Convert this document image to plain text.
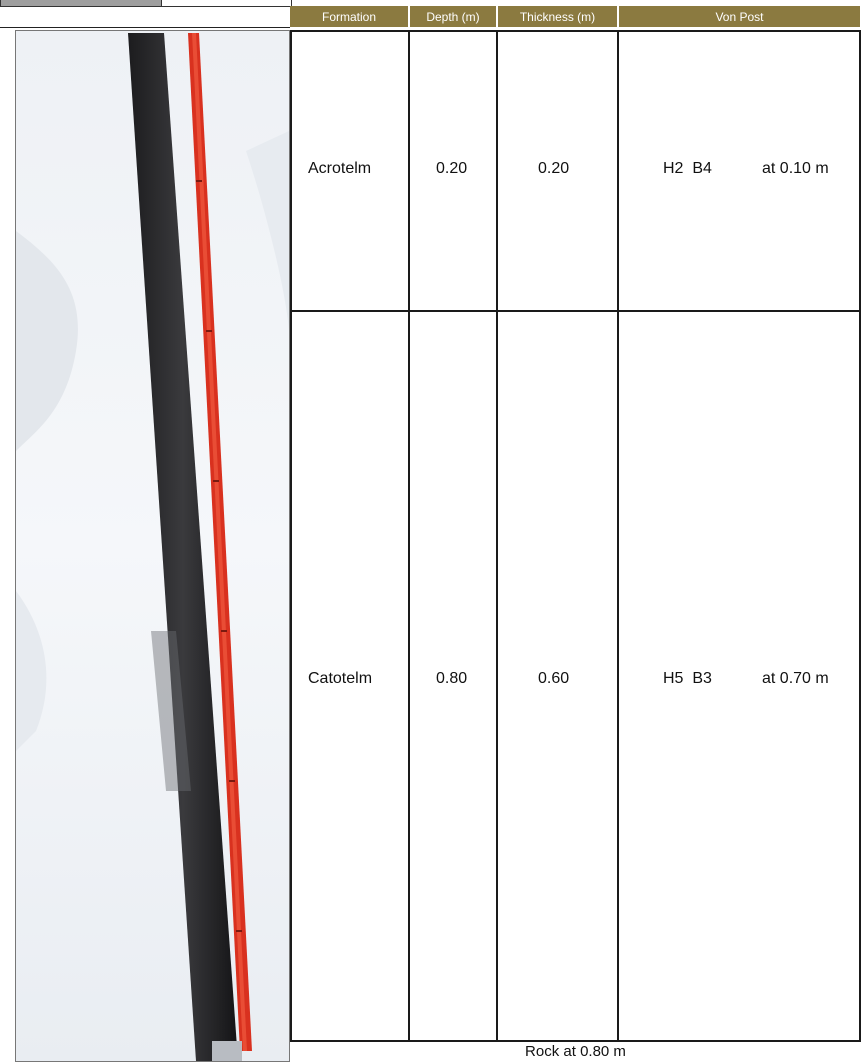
Formation	Depth (m)	Thickness (m)	Von Post
Acrotelm	0.20	0.20	H2  B4	at 0.10 m
Catotelm	0.80	0.60	H5  B3	at 0.70 m
Rock at 0.80 m
